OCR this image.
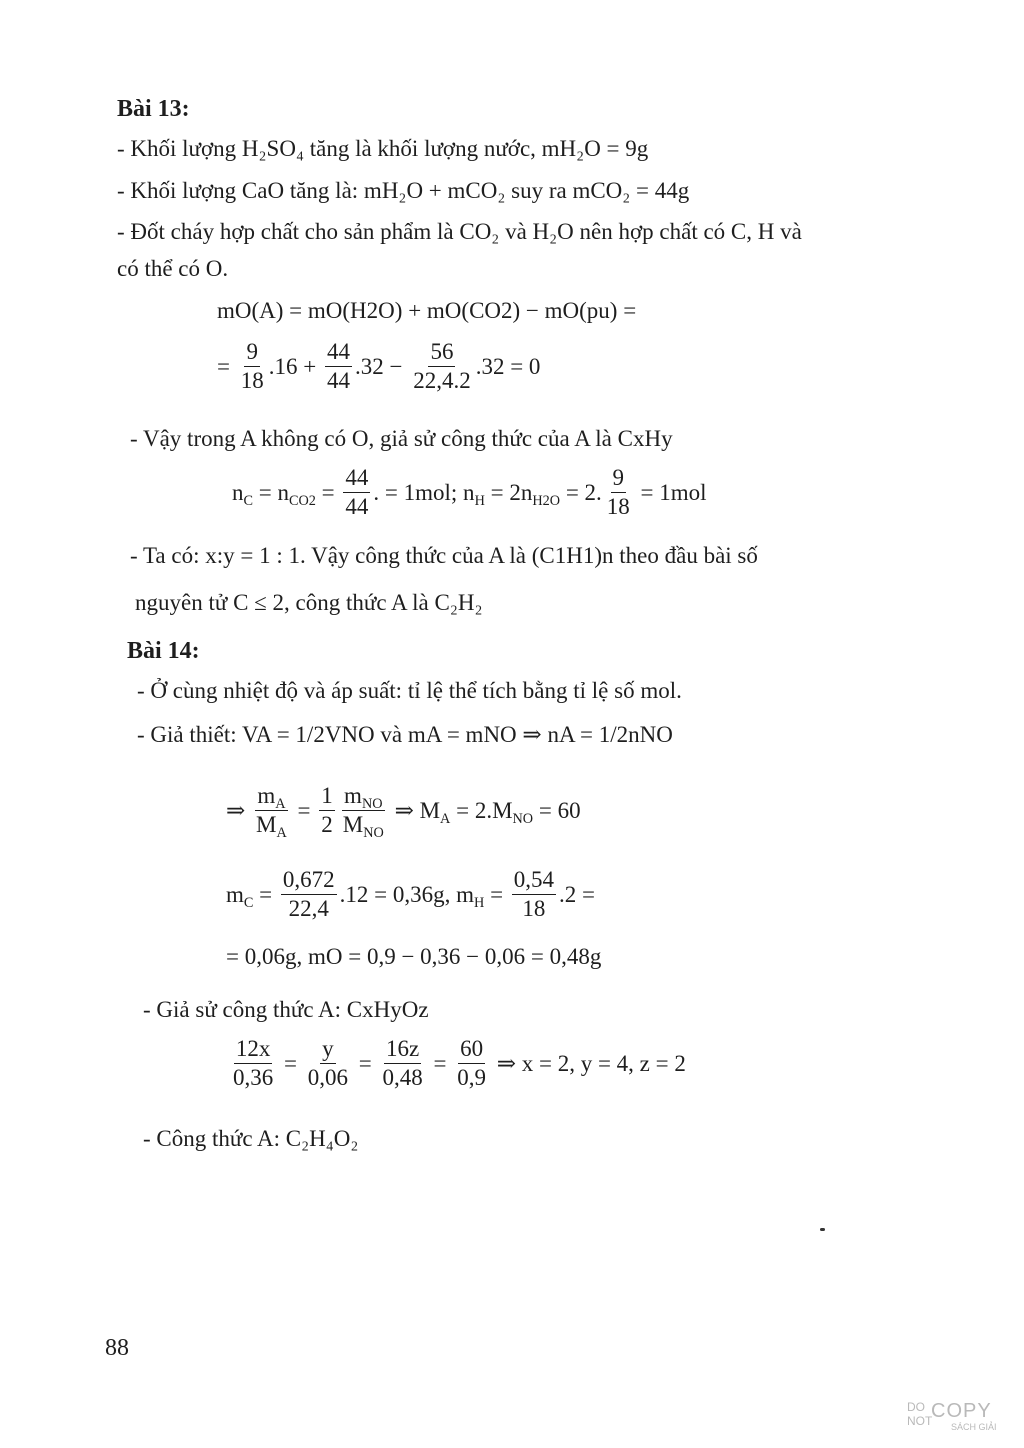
Bài 13:
- Khối lượng H₂SO₄ tăng là khối lượng nước, mH₂O = 9g
- Khối lượng CaO tăng là: mH₂O + mCO₂ suy ra mCO₂ = 44g
- Đốt cháy hợp chất cho sản phẩm là CO₂ và H₂O nên hợp chất có C, H và
có thể có O.
mO(A) = mO(H2O) + mO(CO2) − mO(pu) =
= $\frac{9}{18} .16 + \frac{44}{44} .32 - \frac{56}{22,4.2} .32 = 0$
- Vậy trong A không có O, giả sử công thức của A là CxHy
$n_C = n_{CO2} = \frac{44}{44}$ . = 1mol; $n_H = 2n_{H2O} = 2$. $\frac{9}{18} = 1mol$
- Ta có: x:y = 1 : 1. Vậy công thức của A là (C1H1)n theo đầu bài số
nguyên tử C ≤ 2, công thức A là C₂H₂
Bài 14:
- Ở cùng nhiệt độ và áp suất: tỉ lệ thể tích bằng tỉ lệ số mol.
- Giả thiết: VA = 1/2VNO và mA = mNO ⇒ nA = 1/2nNO
⇒ $\frac{m_A}{M_A} = \frac{1}{2} \frac{m_{NO}}{M_{NO}}$ ⇒ $M_A = 2.M_{NO} = 60$
$m_C = \frac{0,672}{22,4} .12 = 0,36g$, $m_H = \frac{0,54}{18} .2$ =
= 0,06g, mO = 0,9 − 0,36 − 0,06 = 0,48g
- Giả sử công thức A: CxHyOz
$\frac{12x}{0,36} = \frac{y}{0,06} = \frac{16z}{0,48} = \frac{60}{0,9}$ ⇒ x = 2, y = 4, z = 2
- Công thức A: C₂H₄O₂
88
DO
NOT
COPY
SÁCH GIẢI
